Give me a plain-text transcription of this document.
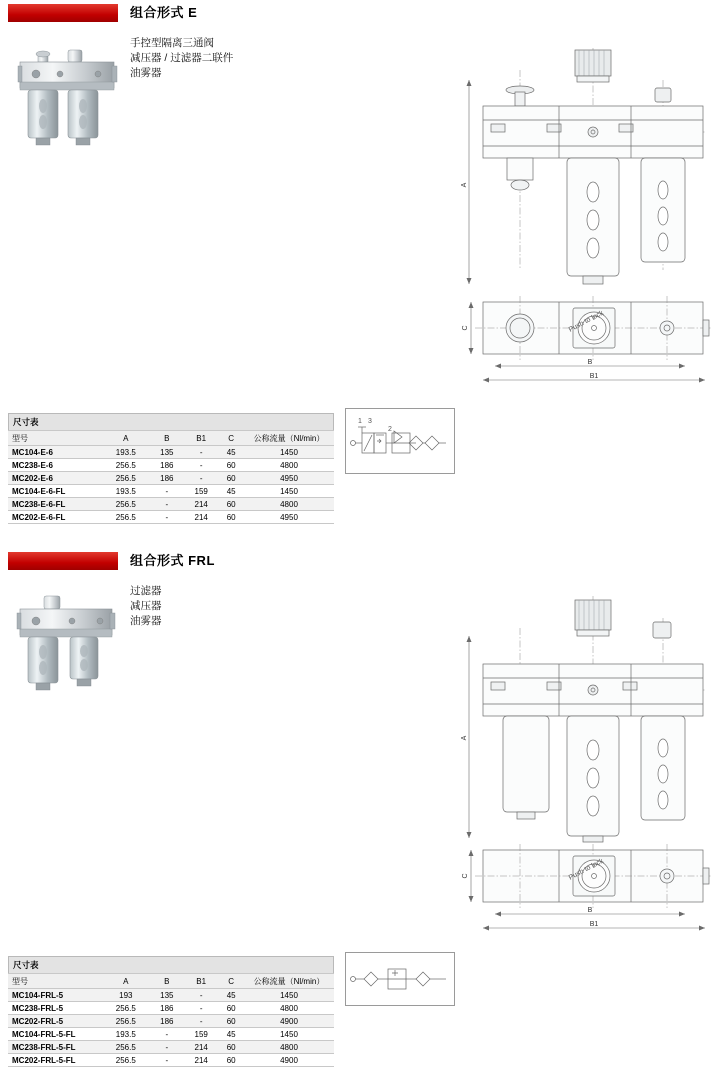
组合形式 E
手控型隔离三通阀
减压器 / 过滤器二联件
油雾器
A
Push to lock
C
B
B1
尺寸表
型号	A	B	B1	C	公称流量（Nl/min）
MC104-E-6	193.5	135	-	45	1450
MC238-E-6	256.5	186	-	60	4800
MC202-E-6	256.5	186	-	60	4950
MC104-E-6-FL	193.5	-	159	45	1450
MC238-E-6-FL	256.5	-	214	60	4800
MC202-E-6-FL	256.5	-	214	60	4950
1 3
2
组合形式 FRL
过滤器
减压器
油雾器
A
Push to lock
C
B
B1
尺寸表
型号	A	B	B1	C	公称流量（Nl/min）
MC104-FRL-5	193	135	-	45	1450
MC238-FRL-5	256.5	186	-	60	4800
MC202-FRL-5	256.5	186	-	60	4900
MC104-FRL-5-FL	193.5	-	159	45	1450
MC238-FRL-5-FL	256.5	-	214	60	4800
MC202-FRL-5-FL	256.5	-	214	60	4900
